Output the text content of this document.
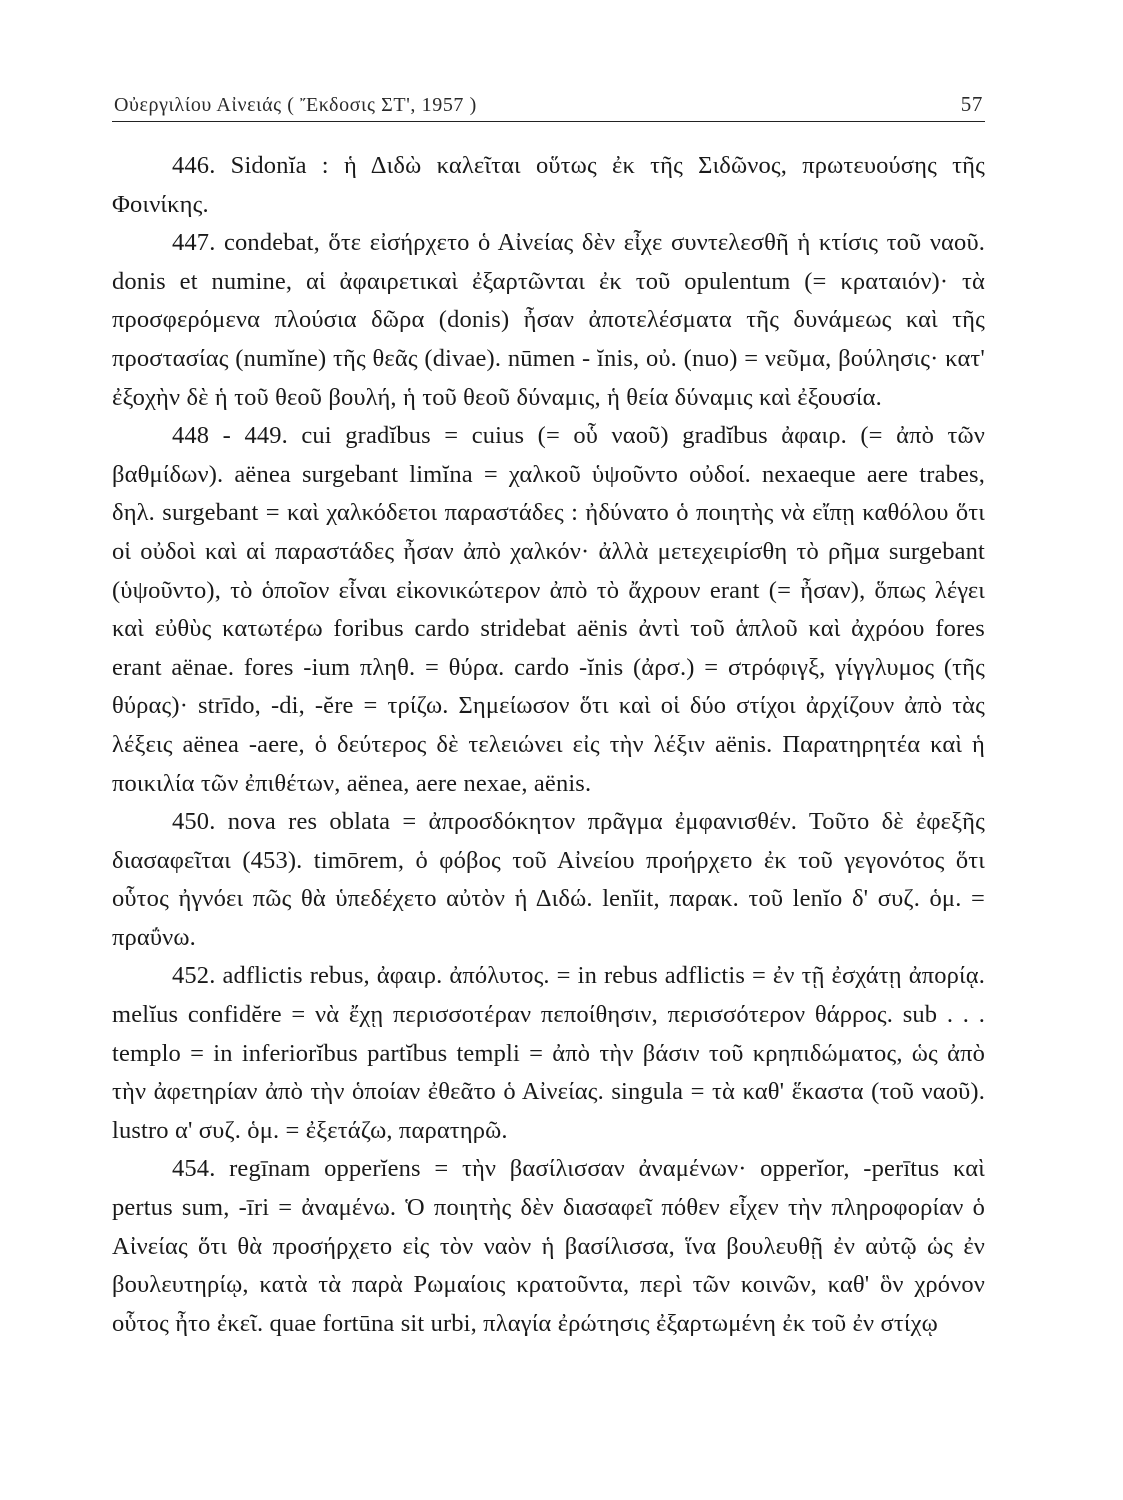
Οὐεργιλίου Αἰνειάς ( Ἔκδοσις ΣΤ', 1957 )	57

446. Sidonĭa : ἡ Διδὼ καλεῖται οὕτως ἐκ τῆς Σιδῶνος, πρωτευούσης τῆς Φοινίκης.

447. condebat, ὅτε εἰσήρχετο ὁ Αἰνείας δὲν εἶχε συντελεσθῆ ἡ κτίσις τοῦ ναοῦ. donis et numine, αἱ ἀφαιρετικαὶ ἐξαρτῶνται ἐκ τοῦ opulentum (= κραταιόν)· τὰ προσφερόμενα πλούσια δῶρα (donis) ἦσαν ἀποτελέσματα τῆς δυνάμεως καὶ τῆς προστασίας (numĭne) τῆς θεᾶς (divae). nūmen - ĭnis, οὐ. (nuo) = νεῦμα, βούλησις· κατ' ἐξοχὴν δὲ ἡ τοῦ θεοῦ βουλή, ἡ τοῦ θεοῦ δύναμις, ἡ θεία δύναμις καὶ ἐξουσία.

448 - 449. cui gradĭbus = cuius (= οὗ ναοῦ) gradĭbus ἀφαιρ. (= ἀπὸ τῶν βαθμίδων). aënea surgebant limĭna = χαλκοῦ ὑψοῦντο οὐδοί. nexaeque aere trabes, δηλ. surgebant = καὶ χαλκόδετοι παραστάδες : ἠδύνατο ὁ ποιητὴς νὰ εἴπῃ καθόλου ὅτι οἱ οὐδοὶ καὶ αἱ παραστάδες ἦσαν ἀπὸ χαλκόν· ἀλλὰ μετεχειρίσθη τὸ ρῆμα surgebant (ὑψοῦντο), τὸ ὁποῖον εἶναι εἰκονικώτερον ἀπὸ τὸ ἄχρουν erant (= ἦσαν), ὅπως λέγει καὶ εὐθὺς κατωτέρω foribus cardo stridebat aënis ἀντὶ τοῦ ἁπλοῦ καὶ ἀχρόου fores erant aënae. fores -ium πληθ. = θύρα. cardo -ĭnis (ἀρσ.) = στρόφιγξ, γίγγλυμος (τῆς θύρας)· strīdo, -di, -ĕre = τρίζω. Σημείωσον ὅτι καὶ οἱ δύο στίχοι ἀρχίζουν ἀπὸ τὰς λέξεις aënea -aere, ὁ δεύτερος δὲ τελειώνει εἰς τὴν λέξιν aënis. Παρατηρητέα καὶ ἡ ποικιλία τῶν ἐπιθέτων, aënea, aere nexae, aënis.

450. nova res oblata = ἀπροσδόκητον πρᾶγμα ἐμφανισθέν. Τοῦτο δὲ ἐφεξῆς διασαφεῖται (453). timōrem, ὁ φόβος τοῦ Αἰνείου προήρχετο ἐκ τοῦ γεγονότος ὅτι οὗτος ἠγνόει πῶς θὰ ὑπεδέχετο αὐτὸν ἡ Διδώ. lenĭit, παρακ. τοῦ lenĭo δ' συζ. ὁμ. = πραΰνω.

452. adflictis rebus, ἀφαιρ. ἀπόλυτος. = in rebus adflictis = ἐν τῇ ἐσχάτῃ ἀπορίᾳ. melĭus confidĕre = νὰ ἔχῃ περισσοτέραν πεποίθησιν, περισσότερον θάρρος. sub . . . templo = in inferiorĭbus partĭbus templi = ἀπὸ τὴν βάσιν τοῦ κρηπιδώματος, ὡς ἀπὸ τὴν ἀφετηρίαν ἀπὸ τὴν ὁποίαν ἐθεᾶτο ὁ Αἰνείας. singula = τὰ καθ' ἕκαστα (τοῦ ναοῦ). lustro α' συζ. ὁμ. = ἐξετάζω, παρατηρῶ.

454. regīnam opperĭens = τὴν βασίλισσαν ἀναμένων· opperĭor, -perītus καὶ pertus sum, -īri = ἀναμένω. Ὁ ποιητὴς δὲν διασαφεῖ πόθεν εἶχεν τὴν πληροφορίαν ὁ Αἰνείας ὅτι θὰ προσήρχετο εἰς τὸν ναὸν ἡ βασίλισσα, ἵνα βουλευθῇ ἐν αὐτῷ ὡς ἐν βουλευτηρίῳ, κατὰ τὰ παρὰ Ρωμαίοις κρατοῦντα, περὶ τῶν κοινῶν, καθ' ὃν χρόνον οὗτος ἦτο ἐκεῖ. quae fortūna sit urbi, πλαγία ἐρώτησις ἐξαρτωμένη ἐκ τοῦ ἐν στίχῳ
